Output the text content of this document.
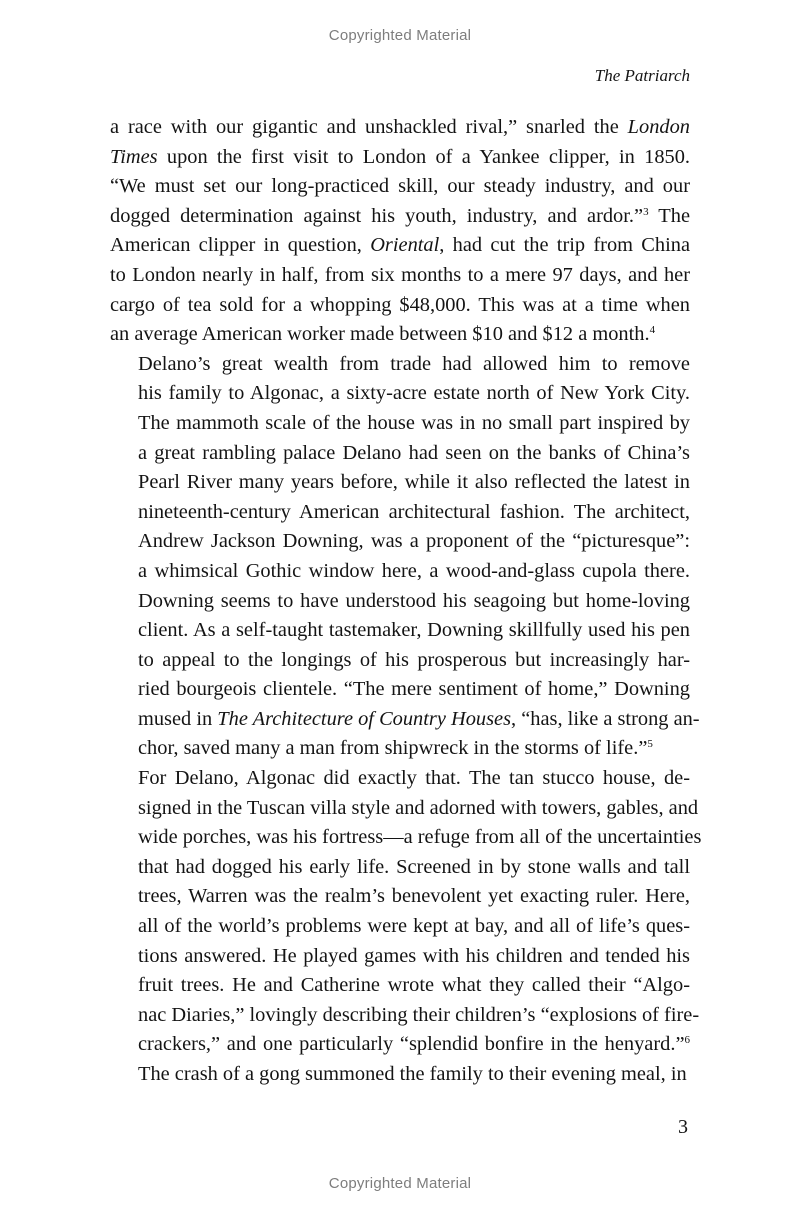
Copyrighted Material
The Patriarch

a race with our gigantic and unshackled rival,” snarled the London
Times upon the first visit to London of a Yankee clipper, in 1850.
“We must set our long-practiced skill, our steady industry, and our
dogged determination against his youth, industry, and ardor.”$^3$ The
American clipper in question, Oriental, had cut the trip from China
to London nearly in half, from six months to a mere 97 days, and her
cargo of tea sold for a whopping $48,000. This was at a time when
an average American worker made between $10 and $12 a month.$^4$

Delano’s great wealth from trade had allowed him to remove
his family to Algonac, a sixty-acre estate north of New York City.
The mammoth scale of the house was in no small part inspired by
a great rambling palace Delano had seen on the banks of China’s
Pearl River many years before, while it also reflected the latest in
nineteenth-century American architectural fashion. The architect,
Andrew Jackson Downing, was a proponent of the “picturesque”:
a whimsical Gothic window here, a wood-and-glass cupola there.
Downing seems to have understood his seagoing but home-loving
client. As a self-taught tastemaker, Downing skillfully used his pen
to appeal to the longings of his prosperous but increasingly har-
ried bourgeois clientele. “The mere sentiment of home,” Downing
mused in The Architecture of Country Houses, “has, like a strong an-
chor, saved many a man from shipwreck in the storms of life.”$^5$

For Delano, Algonac did exactly that. The tan stucco house, de-
signed in the Tuscan villa style and adorned with towers, gables, and
wide porches, was his fortress—a refuge from all of the uncertainties
that had dogged his early life. Screened in by stone walls and tall
trees, Warren was the realm’s benevolent yet exacting ruler. Here,
all of the world’s problems were kept at bay, and all of life’s ques-
tions answered. He played games with his children and tended his
fruit trees. He and Catherine wrote what they called their “Algo-
nac Diaries,” lovingly describing their children’s “explosions of fire-
crackers,” and one particularly “splendid bonfire in the henyard.”$^6$
The crash of a gong summoned the family to their evening meal, in

3
Copyrighted Material
